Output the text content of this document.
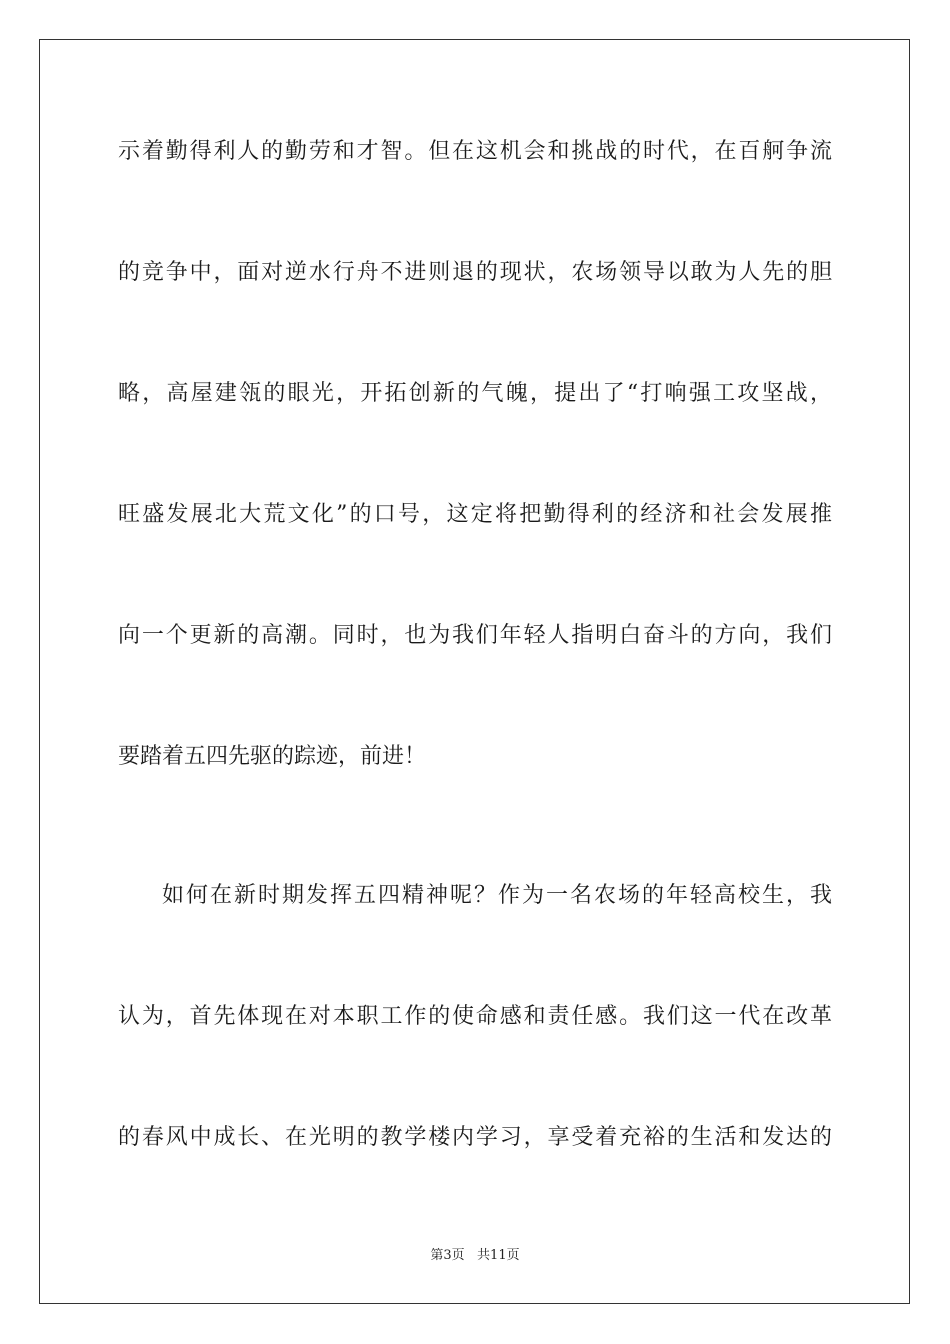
示着勤得利人的勤劳和才智。但在这机会和挑战的时代，在百舸争流
的竞争中，面对逆水行舟不进则退的现状，农场领导以敢为人先的胆
略，高屋建瓴的眼光，开拓创新的气魄，提出了“打响强工攻坚战，
旺盛发展北大荒文化”的口号，这定将把勤得利的经济和社会发展推
向一个更新的高潮。同时，也为我们年轻人指明白奋斗的方向，我们
要踏着五四先驱的踪迹，前进！
如何在新时期发挥五四精神呢？作为一名农场的年轻高校生，我
认为，首先体现在对本职工作的使命感和责任感。我们这一代在改革
的春风中成长、在光明的教学楼内学习，享受着充裕的生活和发达的
第3页   共11页
